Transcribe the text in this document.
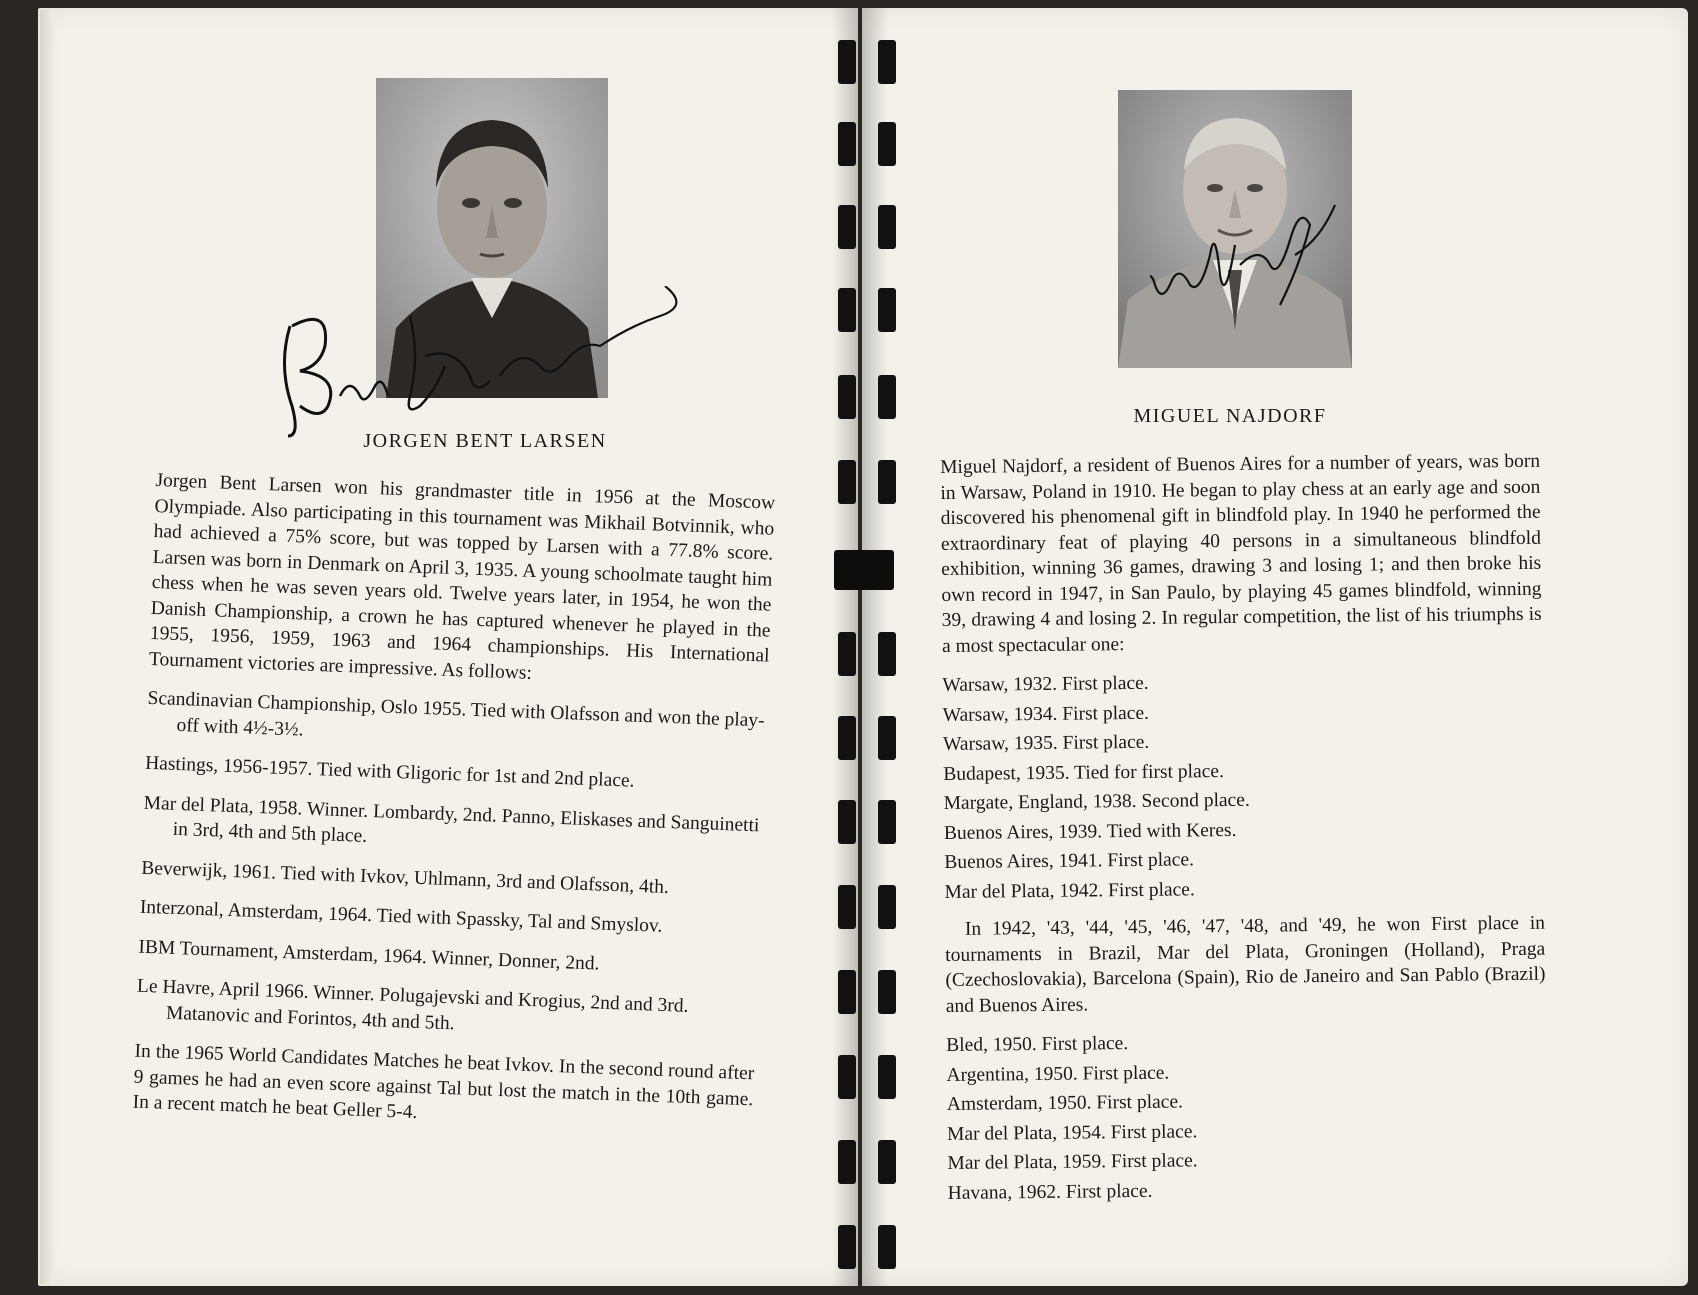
JORGEN BENT LARSEN

Jorgen Bent Larsen won his grandmaster title in 1956 at the Moscow Olympiade. Also participating in this tournament was Mikhail Botvinnik, who had achieved a 75% score, but was topped by Larsen with a 77.8% score. Larsen was born in Denmark on April 3, 1935. A young schoolmate taught him chess when he was seven years old. Twelve years later, in 1954, he won the Danish Championship, a crown he has captured whenever he played in the 1955, 1956, 1959, 1963 and 1964 championships. His International Tournament victories are impressive. As follows:

Scandinavian Championship, Oslo 1955. Tied with Olafsson and won the play-off with 4½-3½.

Hastings, 1956-1957. Tied with Gligoric for 1st and 2nd place.

Mar del Plata, 1958. Winner. Lombardy, 2nd. Panno, Eliskases and Sanguinetti in 3rd, 4th and 5th place.

Beverwijk, 1961. Tied with Ivkov, Uhlmann, 3rd and Olafsson, 4th.

Interzonal, Amsterdam, 1964. Tied with Spassky, Tal and Smyslov.

IBM Tournament, Amsterdam, 1964. Winner, Donner, 2nd.

Le Havre, April 1966. Winner. Polugajevski and Krogius, 2nd and 3rd. Matanovic and Forintos, 4th and 5th.

In the 1965 World Candidates Matches he beat Ivkov. In the second round after 9 games he had an even score against Tal but lost the match in the 10th game. In a recent match he beat Geller 5-4.

MIGUEL NAJDORF

Miguel Najdorf, a resident of Buenos Aires for a number of years, was born in Warsaw, Poland in 1910. He began to play chess at an early age and soon discovered his phenomenal gift in blindfold play. In 1940 he performed the extraordinary feat of playing 40 persons in a simultaneous blindfold exhibition, winning 36 games, drawing 3 and losing 1; and then broke his own record in 1947, in San Paulo, by playing 45 games blindfold, winning 39, drawing 4 and losing 2. In regular competition, the list of his triumphs is a most spectacular one:

Warsaw, 1932. First place.

Warsaw, 1934. First place.

Warsaw, 1935. First place.

Budapest, 1935. Tied for first place.

Margate, England, 1938. Second place.

Buenos Aires, 1939. Tied with Keres.

Buenos Aires, 1941. First place.

Mar del Plata, 1942. First place.

In 1942, '43, '44, '45, '46, '47, '48, and '49, he won First place in tournaments in Brazil, Mar del Plata, Groningen (Holland), Praga (Czechoslovakia), Barcelona (Spain), Rio de Janeiro and San Pablo (Brazil) and Buenos Aires.

Bled, 1950. First place.

Argentina, 1950. First place.

Amsterdam, 1950. First place.

Mar del Plata, 1954. First place.

Mar del Plata, 1959. First place.

Havana, 1962. First place.
